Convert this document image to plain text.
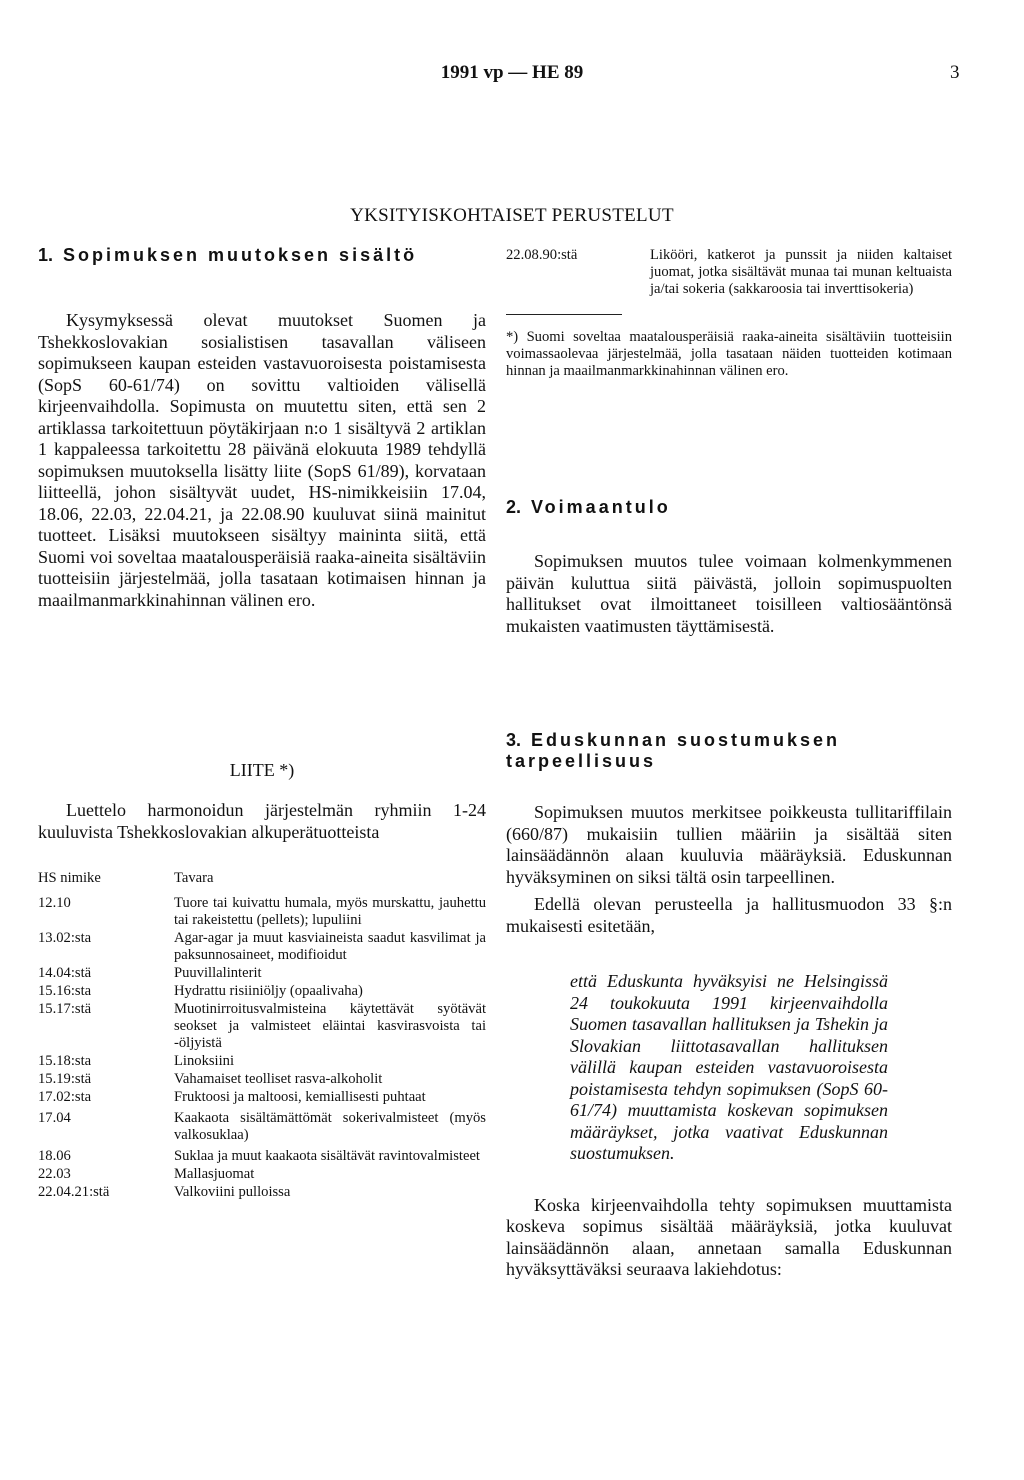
1991 vp — HE 89	3
YKSITYISKOHTAISET PERUSTELUT
1. Sopimuksen muutoksen sisältö

Kysymyksessä olevat muutokset Suomen ja Tshekkoslovakian sosialistisen tasavallan väliseen sopimukseen kaupan esteiden vastavuoroisesta poistamisesta (SopS 60-61/74) on sovittu valtioiden välisellä kirjeenvaihdolla. Sopimusta on muutettu siten, että sen 2 artiklassa tarkoitettuun pöytäkirjaan n:o 1 sisältyvä 2 artiklan 1 kappaleessa tarkoitettu 28 päivänä elokuuta 1989 tehdyllä sopimuksen muutoksella lisätty liite (SopS 61/89), korvataan liitteellä, johon sisältyvät uudet, HS-nimikkeisiin 17.04, 18.06, 22.03, 22.04.21, ja 22.08.90 kuuluvat siinä mainitut tuotteet. Lisäksi muutokseen sisältyy maininta siitä, että Suomi voi soveltaa maatalousperäisiä raaka-aineita sisältäviin tuotteisiin järjestelmää, jolla tasataan kotimaisen hinnan ja maailmanmarkkinahinnan välinen ero.

LIITE *)

Luettelo harmonoidun järjestelmän ryhmiin 1-24 kuuluvista Tshekkoslovakian alkuperätuotteista

HS nimike	Tavara
12.10	Tuore tai kuivattu humala, myös murskattu, jauhettu tai rakeistettu (pellets); lupuliini
13.02:sta	Agar-agar ja muut kasviaineista saadut kasvilimat ja paksunnosaineet, modifioidut
14.04:stä	Puuvillalinterit
15.16:sta	Hydrattu risiiniöljy (opaalivaha)
15.17:stä	Muotinirroitusvalmisteina käytettävät syötävät seokset ja valmisteet eläintai kasvirasvoista tai -öljyistä
15.18:sta	Linoksiini
15.19:stä	Vahamaiset teolliset rasva-alkoholit
17.02:sta	Fruktoosi ja maltoosi, kemiallisesti puhtaat
17.04	Kaakaota sisältämättömät sokerivalmisteet (myös valkosuklaa)
18.06	Suklaa ja muut kaakaota sisältävät ravintovalmisteet
22.03	Mallasjuomat
22.04.21:stä	Valkoviini pulloissa
22.08.90:stä	Likööri, katkerot ja punssit ja niiden kaltaiset juomat, jotka sisältävät munaa tai munan keltuaista ja/tai sokeria (sakkaroosia tai inverttisokeria)

*) Suomi soveltaa maatalousperäisiä raaka-aineita sisältäviin tuotteisiin voimassaolevaa järjestelmää, jolla tasataan näiden tuotteiden kotimaan hinnan ja maailmanmarkkinahinnan välinen ero.

2. Voimaantulo

Sopimuksen muutos tulee voimaan kolmenkymmenen päivän kuluttua siitä päivästä, jolloin sopimuspuolten hallitukset ovat ilmoittaneet toisilleen valtiosääntönsä mukaisten vaatimusten täyttämisestä.

3. Eduskunnan suostumuksen tarpeellisuus

Sopimuksen muutos merkitsee poikkeusta tullitariffilain (660/87) mukaisiin tullien määriin ja sisältää siten lainsäädännön alaan kuuluvia määräyksiä. Eduskunnan hyväksyminen on siksi tältä osin tarpeellinen.

Edellä olevan perusteella ja hallitusmuodon 33 §:n mukaisesti esitetään,

että Eduskunta hyväksyisi ne Helsingissä 24 toukokuuta 1991 kirjeenvaihdolla Suomen tasavallan hallituksen ja Tshekin ja Slovakian liittotasavallan hallituksen välillä kaupan esteiden vastavuoroisesta poistamisesta tehdyn sopimuksen (SopS 60-61/74) muuttamista koskevan sopimuksen määräykset, jotka vaativat Eduskunnan suostumuksen.

Koska kirjeenvaihdolla tehty sopimuksen muuttamista koskeva sopimus sisältää määräyksiä, jotka kuuluvat lainsäädännön alaan, annetaan samalla Eduskunnan hyväksyttäväksi seuraava lakiehdotus:
